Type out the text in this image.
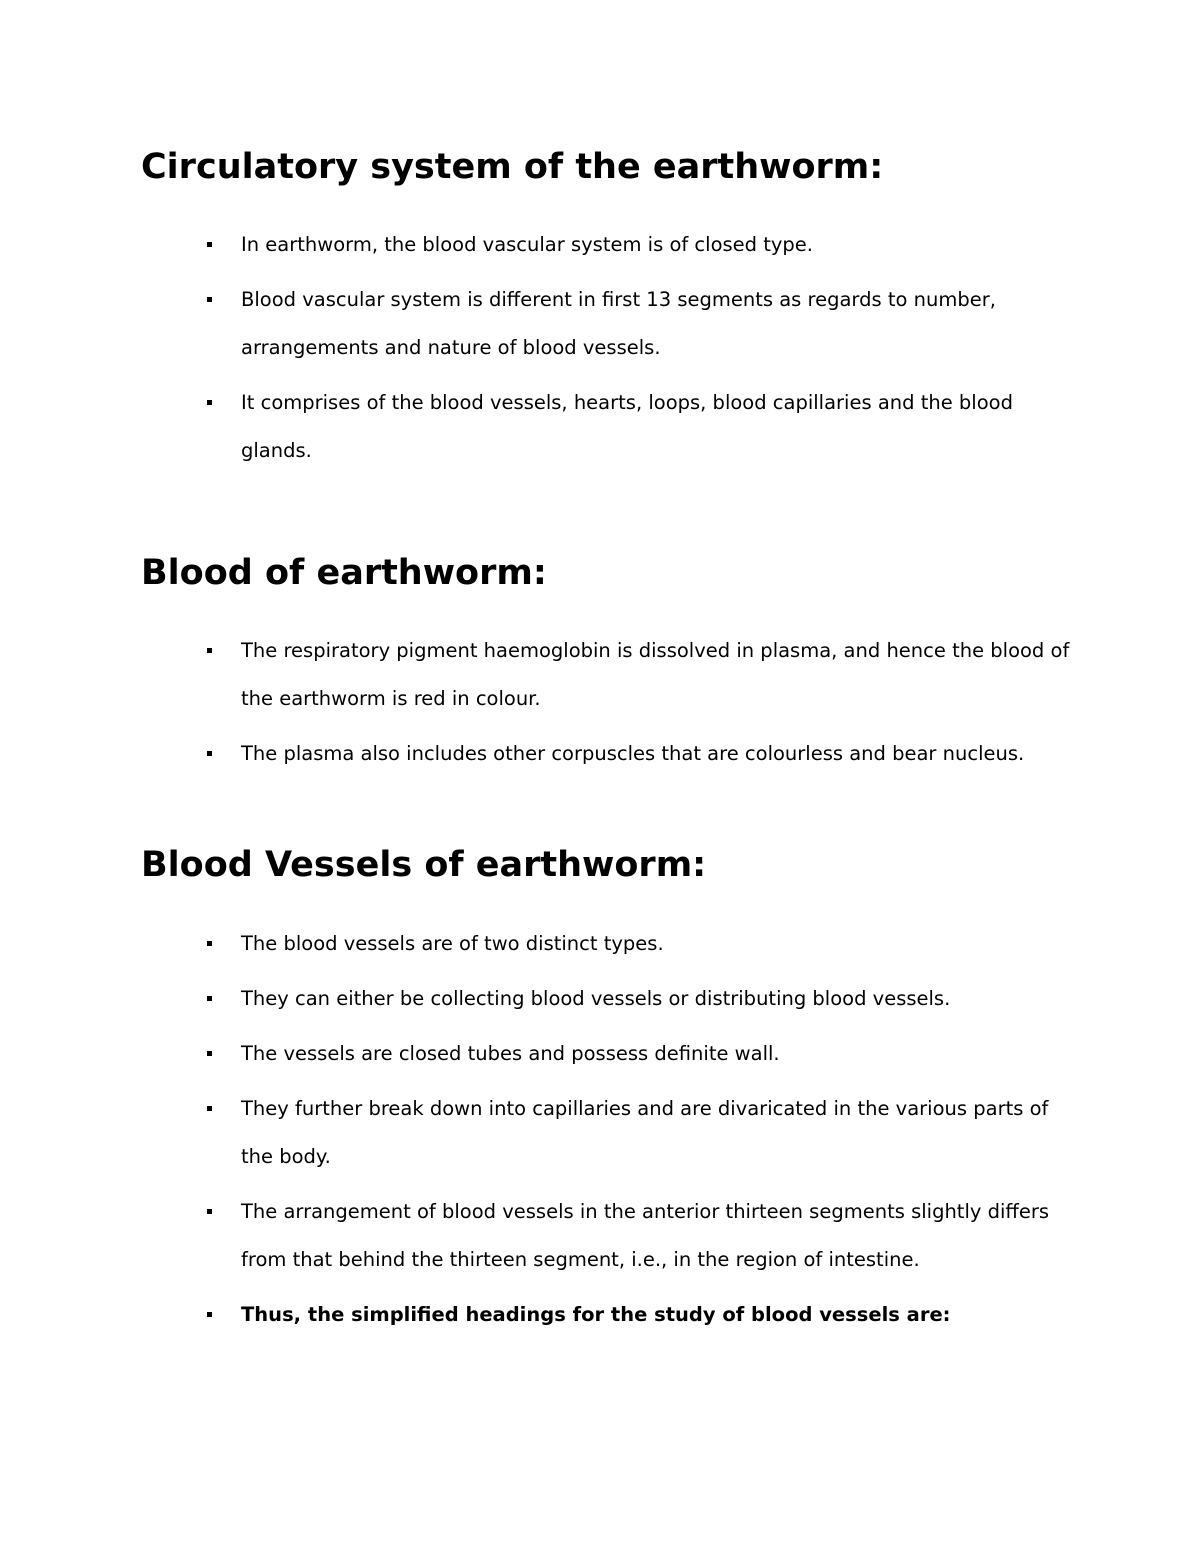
Circulatory system of the earthworm:
In earthworm, the blood vascular system is of closed type.
Blood vascular system is different in first 13 segments as regards to number, arrangements and nature of blood vessels.
It comprises of the blood vessels, hearts, loops, blood capillaries and the blood glands.
Blood of earthworm:
The respiratory pigment haemoglobin is dissolved in plasma, and hence the blood of the earthworm is red in colour.
The plasma also includes other corpuscles that are colourless and bear nucleus.
Blood Vessels of earthworm:
The blood vessels are of two distinct types.
They can either be collecting blood vessels or distributing blood vessels.
The vessels are closed tubes and possess definite wall.
They further break down into capillaries and are divaricated in the various parts of the body.
The arrangement of blood vessels in the anterior thirteen segments slightly differs from that behind the thirteen segment, i.e., in the region of intestine.
Thus, the simplified headings for the study of blood vessels are:
